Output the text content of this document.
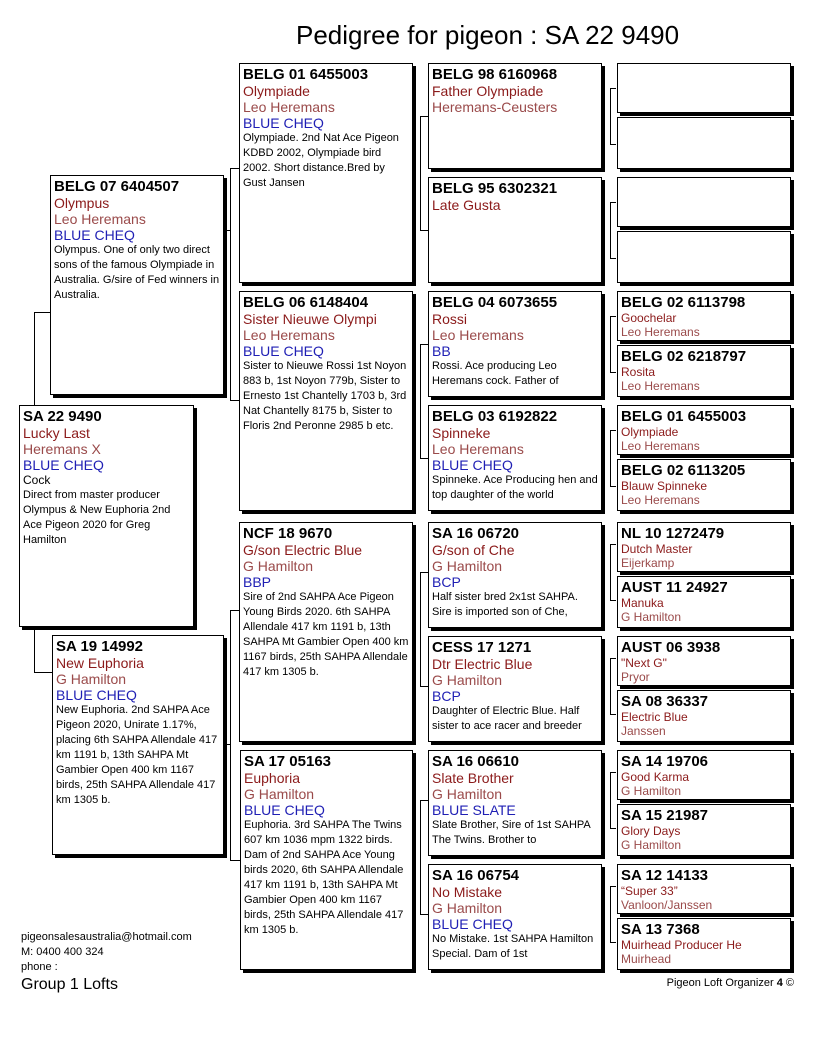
Pedigree for pigeon : SA 22 9490
SA 22 9490
Lucky Last
Heremans X
BLUE CHEQ
Cock
Direct from master producer Olympus & New Euphoria 2nd Ace Pigeon 2020 for Greg Hamilton
BELG 07 6404507
Olympus
Leo Heremans
BLUE CHEQ
Olympus. One of only two direct sons of the famous Olympiade in Australia. G/sire of Fed winners in Australia.
SA 19 14992
New Euphoria
G Hamilton
BLUE CHEQ
New Euphoria. 2nd SAHPA Ace Pigeon 2020, Unirate 1.17%, placing 6th SAHPA Allendale 417 km 1191 b, 13th SAHPA Mt Gambier Open 400 km 1167 birds, 25th SAHPA Allendale 417 km 1305 b.
BELG 01 6455003
Olympiade
Leo Heremans
BLUE CHEQ
Olympiade. 2nd Nat Ace Pigeon KDBD 2002, Olympiade bird 2002. Short distance.Bred by Gust Jansen
BELG 06 6148404
Sister Nieuwe Olympi
Leo Heremans
BLUE CHEQ
Sister to Nieuwe Rossi 1st Noyon 883 b, 1st Noyon 779b, Sister to Ernesto 1st Chantelly 1703 b, 3rd Nat Chantelly 8175 b, Sister to Floris 2nd Peronne 2985 b etc.
NCF 18 9670
G/son Electric Blue
G Hamilton
BBP
Sire of 2nd SAHPA Ace Pigeon Young Birds 2020. 6th SAHPA Allendale 417 km 1191 b, 13th SAHPA Mt Gambier Open 400 km 1167 birds, 25th SAHPA Allendale 417 km 1305 b.
SA 17 05163
Euphoria
G Hamilton
BLUE CHEQ
Euphoria. 3rd SAHPA The Twins 607 km 1036 mpm 1322 birds. Dam of 2nd SAHPA Ace Young birds 2020, 6th SAHPA Allendale 417 km 1191 b, 13th SAHPA Mt Gambier Open 400 km 1167 birds, 25th SAHPA Allendale 417 km 1305 b.
BELG 98 6160968
Father Olympiade
Heremans-Ceusters
BELG 95 6302321
Late Gusta
BELG 04 6073655
Rossi
Leo Heremans
BB
Rossi. Ace producing Leo Heremans cock. Father of
BELG 03 6192822
Spinneke
Leo Heremans
BLUE CHEQ
Spinneke. Ace Producing hen and top daughter of the world
SA 16 06720
G/son of Che
G Hamilton
BCP
Half sister bred 2x1st SAHPA. Sire is imported son of Che,
CESS 17 1271
Dtr Electric Blue
G Hamilton
BCP
Daughter of Electric Blue. Half sister to ace racer and breeder
SA 16 06610
Slate Brother
G Hamilton
BLUE SLATE
Slate Brother, Sire of 1st SAHPA The Twins. Brother to
SA 16 06754
No Mistake
G Hamilton
BLUE CHEQ
No Mistake. 1st SAHPA Hamilton Special. Dam of 1st
BELG 02 6113798
Goochelar
Leo Heremans
BELG 02 6218797
Rosita
Leo Heremans
BELG 01 6455003
Olympiade
Leo Heremans
BELG 02 6113205
Blauw Spinneke
Leo Heremans
NL 10 1272479
Dutch Master
Eijerkamp
AUST 11 24927
Manuka
G Hamilton
AUST 06 3938
"Next G"
Pryor
SA 08 36337
Electric Blue
Janssen
SA 14 19706
Good Karma
G Hamilton
SA 15 21987
Glory Days
G Hamilton
SA 12 14133
“Super 33”
Vanloon/Janssen
SA 13 7368
Muirhead Producer He
Muirhead
pigeonsalesaustralia@hotmail.com
M: 0400 400 324
phone :
Group 1 Lofts	Pigeon Loft Organizer 4 ©
